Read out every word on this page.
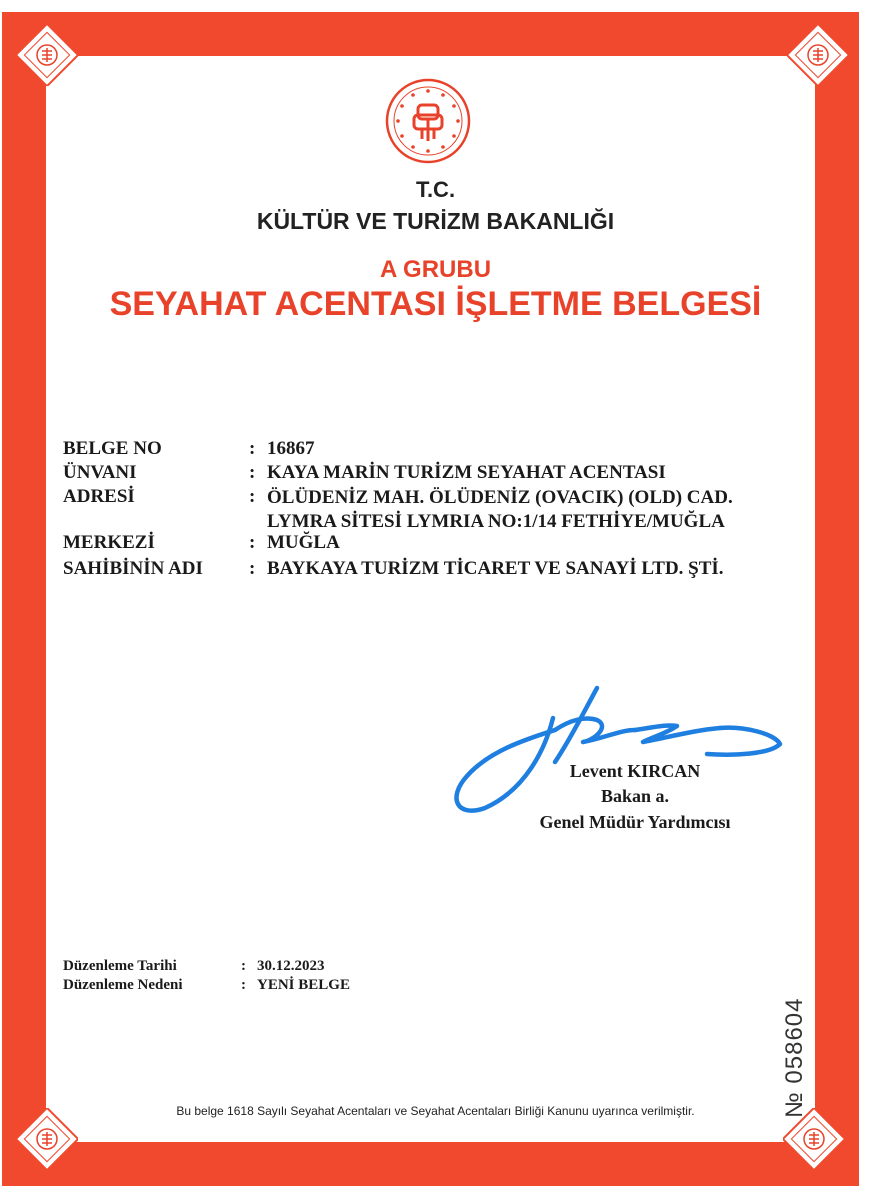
T.C.
KÜLTÜR VE TURİZM BAKANLIĞI
A GRUBU
SEYAHAT ACENTASI İŞLETME BELGESİ
BELGE NO	: 16867
ÜNVANI	: KAYA MARİN TURİZM SEYAHAT ACENTASI
ADRESİ	: ÖLÜDENİZ MAH. ÖLÜDENİZ (OVACIK) (OLD) CAD.
LYMRA SİTESİ LYMRIA NO:1/14 FETHİYE/MUĞLA
MERKEZİ	: MUĞLA
SAHİBİNİN ADI : BAYKAYA TURİZM TİCARET VE SANAYİ LTD. ŞTİ.
Levent KIRCAN
Bakan a.
Genel Müdür Yardımcısı
Düzenleme Tarihi	: 30.12.2023
Düzenleme Nedeni	: YENİ BELGE
№ 058604
Bu belge 1618 Sayılı Seyahat Acentaları ve Seyahat Acentaları Birliği Kanunu uyarınca verilmiştir.
